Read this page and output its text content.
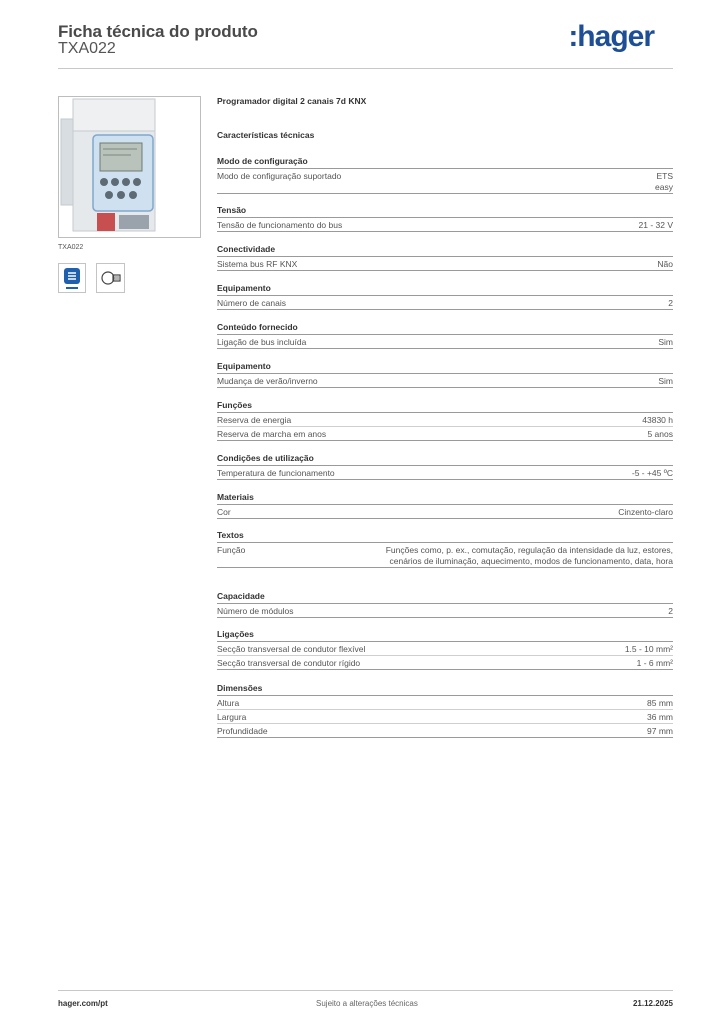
Ficha técnica do produto
TXA022	:hager
TXA022
Programador digital 2 canais 7d KNX
Características técnicas
Modo de configuração
Modo de configuração suportado	ETS
easy
Tensão
Tensão de funcionamento do bus	21 - 32 V
Conectividade
Sistema bus RF KNX	Não
Equipamento
Número de canais	2
Conteúdo fornecido
Ligação de bus incluída	Sim
Equipamento
Mudança de verão/inverno	Sim
Funções
Reserva de energia	43830 h
Reserva de marcha em anos	5 anos
Condições de utilização
Temperatura de funcionamento	-5 - +45 ºC
Materiais
Cor	Cinzento-claro
Textos
Função	Funções como, p. ex., comutação, regulação da intensidade da luz, estores, cenários de iluminação, aquecimento, modos de funcionamento, data, hora
Capacidade
Número de módulos	2
Ligações
Secção transversal de condutor flexível	1.5 - 10 mm²
Secção transversal de condutor rígido	1 - 6 mm²
Dimensões
Altura	85 mm
Largura	36 mm
Profundidade	97 mm
hager.com/pt	Sujeito a alterações técnicas	21.12.2025
